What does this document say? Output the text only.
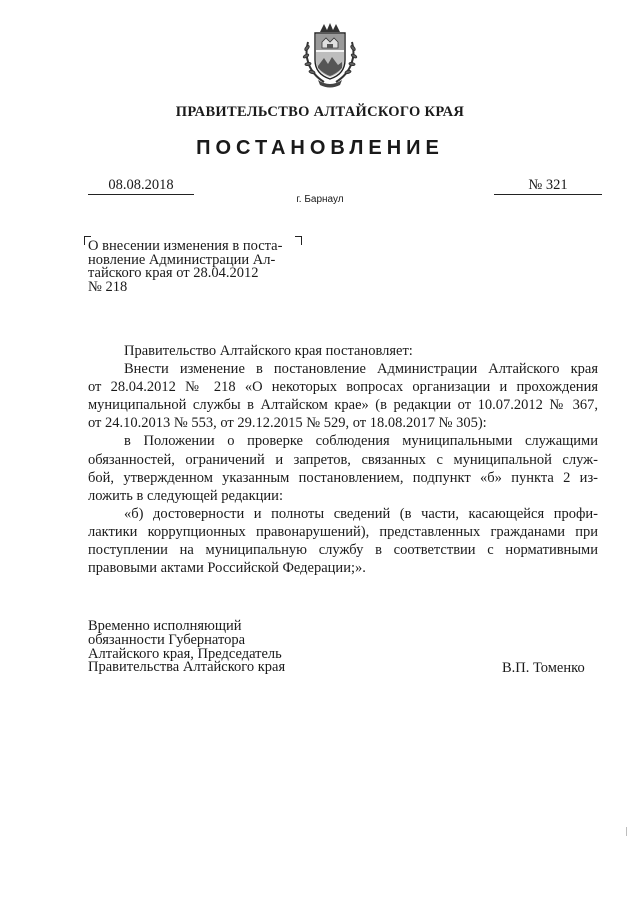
ПРАВИТЕЛЬСТВО АЛТАЙСКОГО КРАЯ
ПОСТАНОВЛЕНИЕ
08.08.2018	№ 321
г. Барнаул
О внесении изменения в поста-
новление Администрации Ал-
тайского края от 28.04.2012
№ 218
Правительство Алтайского края постановляет:
Внести изменение в постановление Администрации Алтайского края
от 28.04.2012 № 218 «О некоторых вопросах организации и прохождения
муниципальной службы в Алтайском крае» (в редакции от 10.07.2012 № 367,
от 24.10.2013 № 553, от 29.12.2015 № 529, от 18.08.2017 № 305):
в Положении о проверке соблюдения муниципальными служащими
обязанностей, ограничений и запретов, связанных с муниципальной служ-
бой, утвержденном указанным постановлением, подпункт «б» пункта 2 из-
ложить в следующей редакции:
«б) достоверности и полноты сведений (в части, касающейся профи-
лактики коррупционных правонарушений), представленных гражданами при
поступлении на муниципальную службу в соответствии с нормативными
правовыми актами Российской Федерации;».
Временно исполняющий
обязанности Губернатора
Алтайского края, Председатель
Правительства Алтайского края	В.П. Томенко
